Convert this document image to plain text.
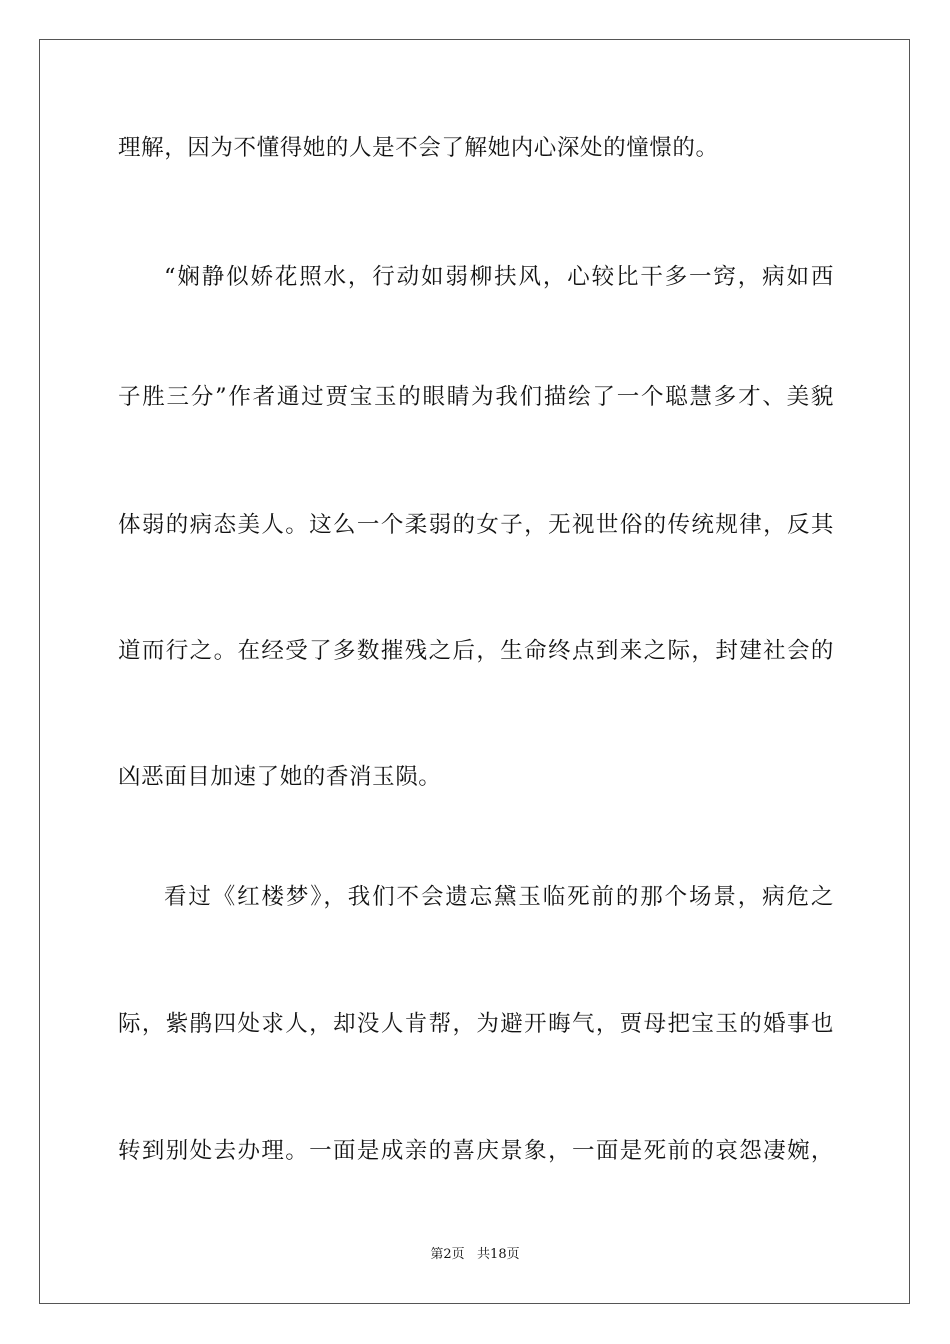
理解，因为不懂得她的人是不会了解她内心深处的憧憬的。
“娴静似娇花照水，行动如弱柳扶风，心较比干多一窍，病如西
子胜三分”作者通过贾宝玉的眼睛为我们描绘了一个聪慧多才、美貌
体弱的病态美人。这么一个柔弱的女子，无视世俗的传统规律，反其
道而行之。在经受了多数摧残之后，生命终点到来之际，封建社会的
凶恶面目加速了她的香消玉陨。
看过《红楼梦》，我们不会遗忘黛玉临死前的那个场景，病危之
际，紫鹃四处求人，却没人肯帮，为避开晦气，贾母把宝玉的婚事也
转到别处去办理。一面是成亲的喜庆景象，一面是死前的哀怨凄婉，
第2页   共18页
